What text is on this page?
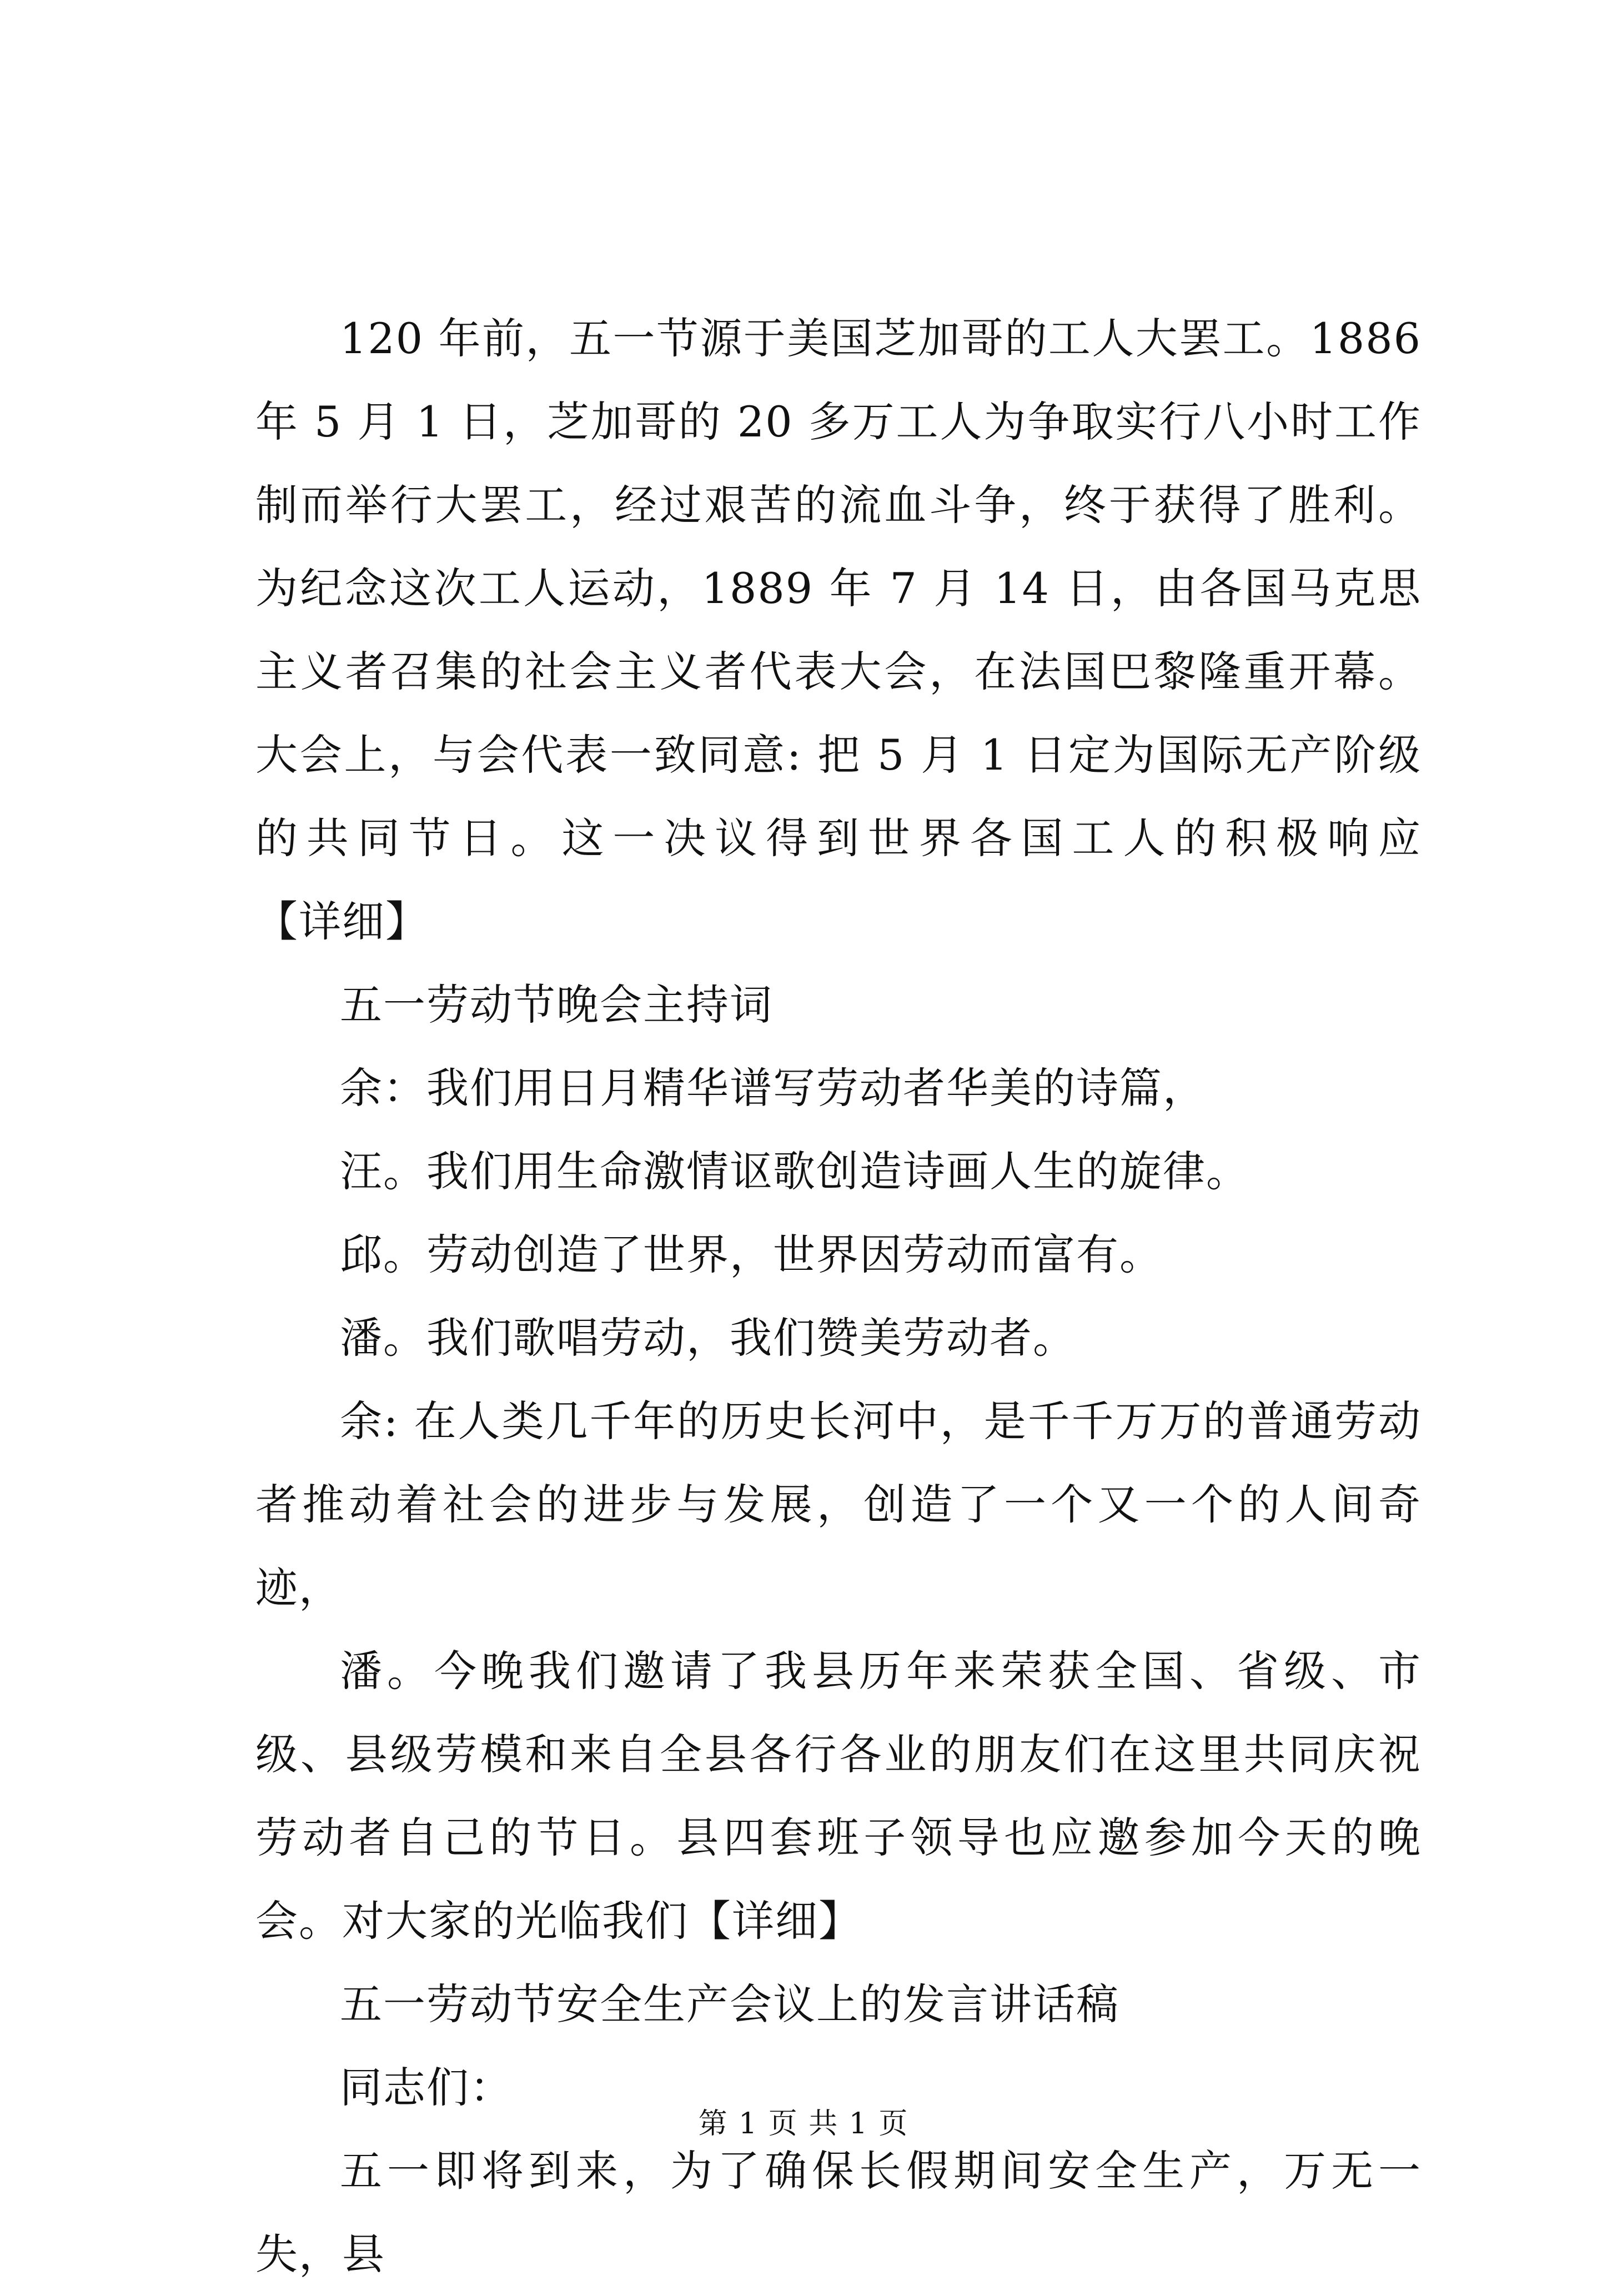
120 年前，五一节源于美国芝加哥的工人大罢工。1886 年 5 月 1 日，芝加哥的 20 多万工人为争取实行八小时工作制而举行大罢工，经过艰苦的流血斗争，终于获得了胜利。为纪念这次工人运动，1889 年 7 月 14 日，由各国马克思主义者召集的社会主义者代表大会，在法国巴黎隆重开幕。大会上，与会代表一致同意: 把 5 月 1 日定为国际无产阶级的共同节日。这一决议得到世界各国工人的积极响应【详细】

五一劳动节晚会主持词

余：我们用日月精华谱写劳动者华美的诗篇，

汪。我们用生命激情讴歌创造诗画人生的旋律。

邱。劳动创造了世界，世界因劳动而富有。

潘。我们歌唱劳动，我们赞美劳动者。

余: 在人类几千年的历史长河中，是千千万万的普通劳动者推动着社会的进步与发展，创造了一个又一个的人间奇迹，

潘。今晚我们邀请了我县历年来荣获全国、省级、市级、县级劳模和来自全县各行各业的朋友们在这里共同庆祝劳动者自己的节日。县四套班子领导也应邀参加今天的晚会。对大家的光临我们【详细】

五一劳动节安全生产会议上的发言讲话稿

同志们：

五一即将到来，为了确保长假期间安全生产，万无一失，县

第 1 页 共 1 页
